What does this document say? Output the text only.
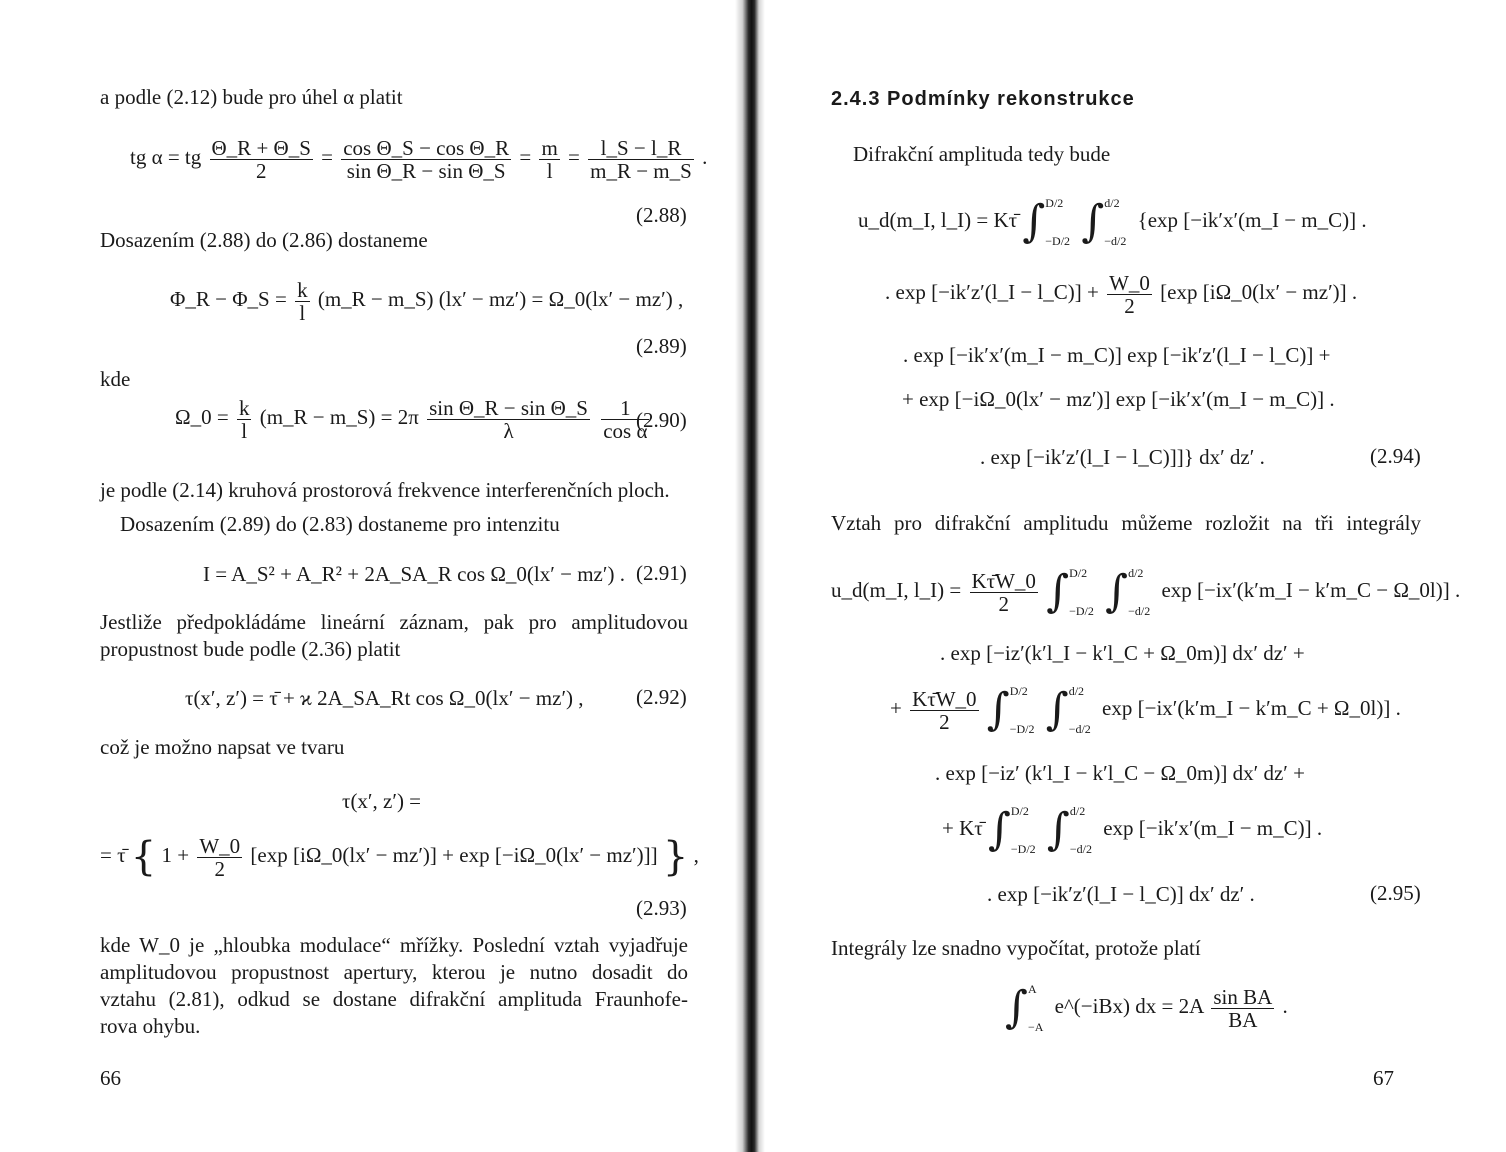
a podle (2.12) bude pro úhel α platit
tg α = tg $\frac{\Theta\_R + \Theta\_S}{2} = \frac{\text{cos Θ\_S − cos Θ\_R}}{\text{sin Θ\_R − sin Θ\_S}} = \frac{m}{l} = \frac{l\_S - l\_R}{m\_R - m\_S}$ .
(2.88)
Dosazením (2.88) do (2.86) dostaneme
Φ_R − Φ_S = $\frac{k}{l}$ (m_R − m_S) (lx′ − mz′) = Ω_0(lx′ − mz′) ,
(2.89)
kde
Ω_0 = $\frac{k}{l}$ (m_R − m_S) = $2\pi \frac{\text{sin Θ\_R − sin Θ\_S}}{\lambda}$
$\frac{1}{\text{cos α}}$
(2.90)
je podle (2.14) kruhová prostorová frekvence interferenčních ploch.
Dosazením (2.89) do (2.83) dostaneme pro intenzitu
I = A_S² + A_R² + 2A_SA_R cos Ω_0(lx′ − mz′) . (2.91)
Jestliže předpokládáme lineární záznam, pak pro amplitudovou
propustnost bude podle (2.36) platit
τ(x′, z′) = τ̄ + ϰ 2A_SA_Rt cos Ω_0(lx′ − mz′) , (2.92)
což je možno napsat ve tvaru
τ(x′, z′) =
= τ̄ { $1 + \frac{W\_0}{2} [\exp$ [iΩ_0(lx′ − mz′)] + exp [−iΩ_0(lx′ − mz′)]] } ,
(2.93)
kde W_0 je „hloubka modulace“ mřížky. Poslední vztah vyjadřuje
amplitudovou propustnost apertury, kterou je nutno dosadit do
vztahu (2.81), odkud se dostane difrakční amplituda Fraunhofe-
rova ohybu.
66
2.4.3 Podmínky rekonstrukce
Difrakční amplituda tedy bude
u_d(m_I, l_I) = Kτ̄ ∫ D/2
−D/2 ∫ d/2
−d/2
{exp [−ik′x′(m_I − m_C)] .
. exp [−ik′z′(l_I − l_C)] + $\frac{W\_0}{2} [\exp$ [iΩ_0(lx′ − mz′)] .
. exp [−ik′x′(m_I − m_C)] exp [−ik′z′(l_I − l_C)] +
+ exp [−iΩ_0(lx′ − mz′)] exp [−ik′x′(m_I − m_C)] .
. exp [−ik′z′(l_I − l_C)]]} dx′ dz′ .	(2.94)
Vztah pro difrakční amplitudu můžeme rozložit na tři integrály
u_d(m_I, l_I) = $\frac{K\taūW\_0}{2}$ ∫ D/2
−D/2 ∫ d/2
−d/2
exp [−ix′(k′m_I − k′m_C − Ω_0l)] .
. exp [−iz′(k′l_I − k′l_C + Ω_0m)] dx′ dz′ +
+ $\frac{K\taūW\_0}{2}$ ∫ D/2
−D/2 ∫ d/2
−d/2
exp [−ix′(k′m_I − k′m_C + Ω_0l)] .
. exp [−iz′ (k′l_I − k′l_C − Ω_0m)] dx′ dz′ +
+ Kτ̄ ∫ D/2
−D/2 ∫ d/2
−d/2
exp [−ik′x′(m_I − m_C)] .
. exp [−ik′z′(l_I − l_C)] dx′ dz′ .	(2.95)
Integrály lze snadno vypočítat, protože platí
∫ A
−A
e^(−iBx) dx = $2A \frac{\text{sin BA}}{BA}$ .
67
